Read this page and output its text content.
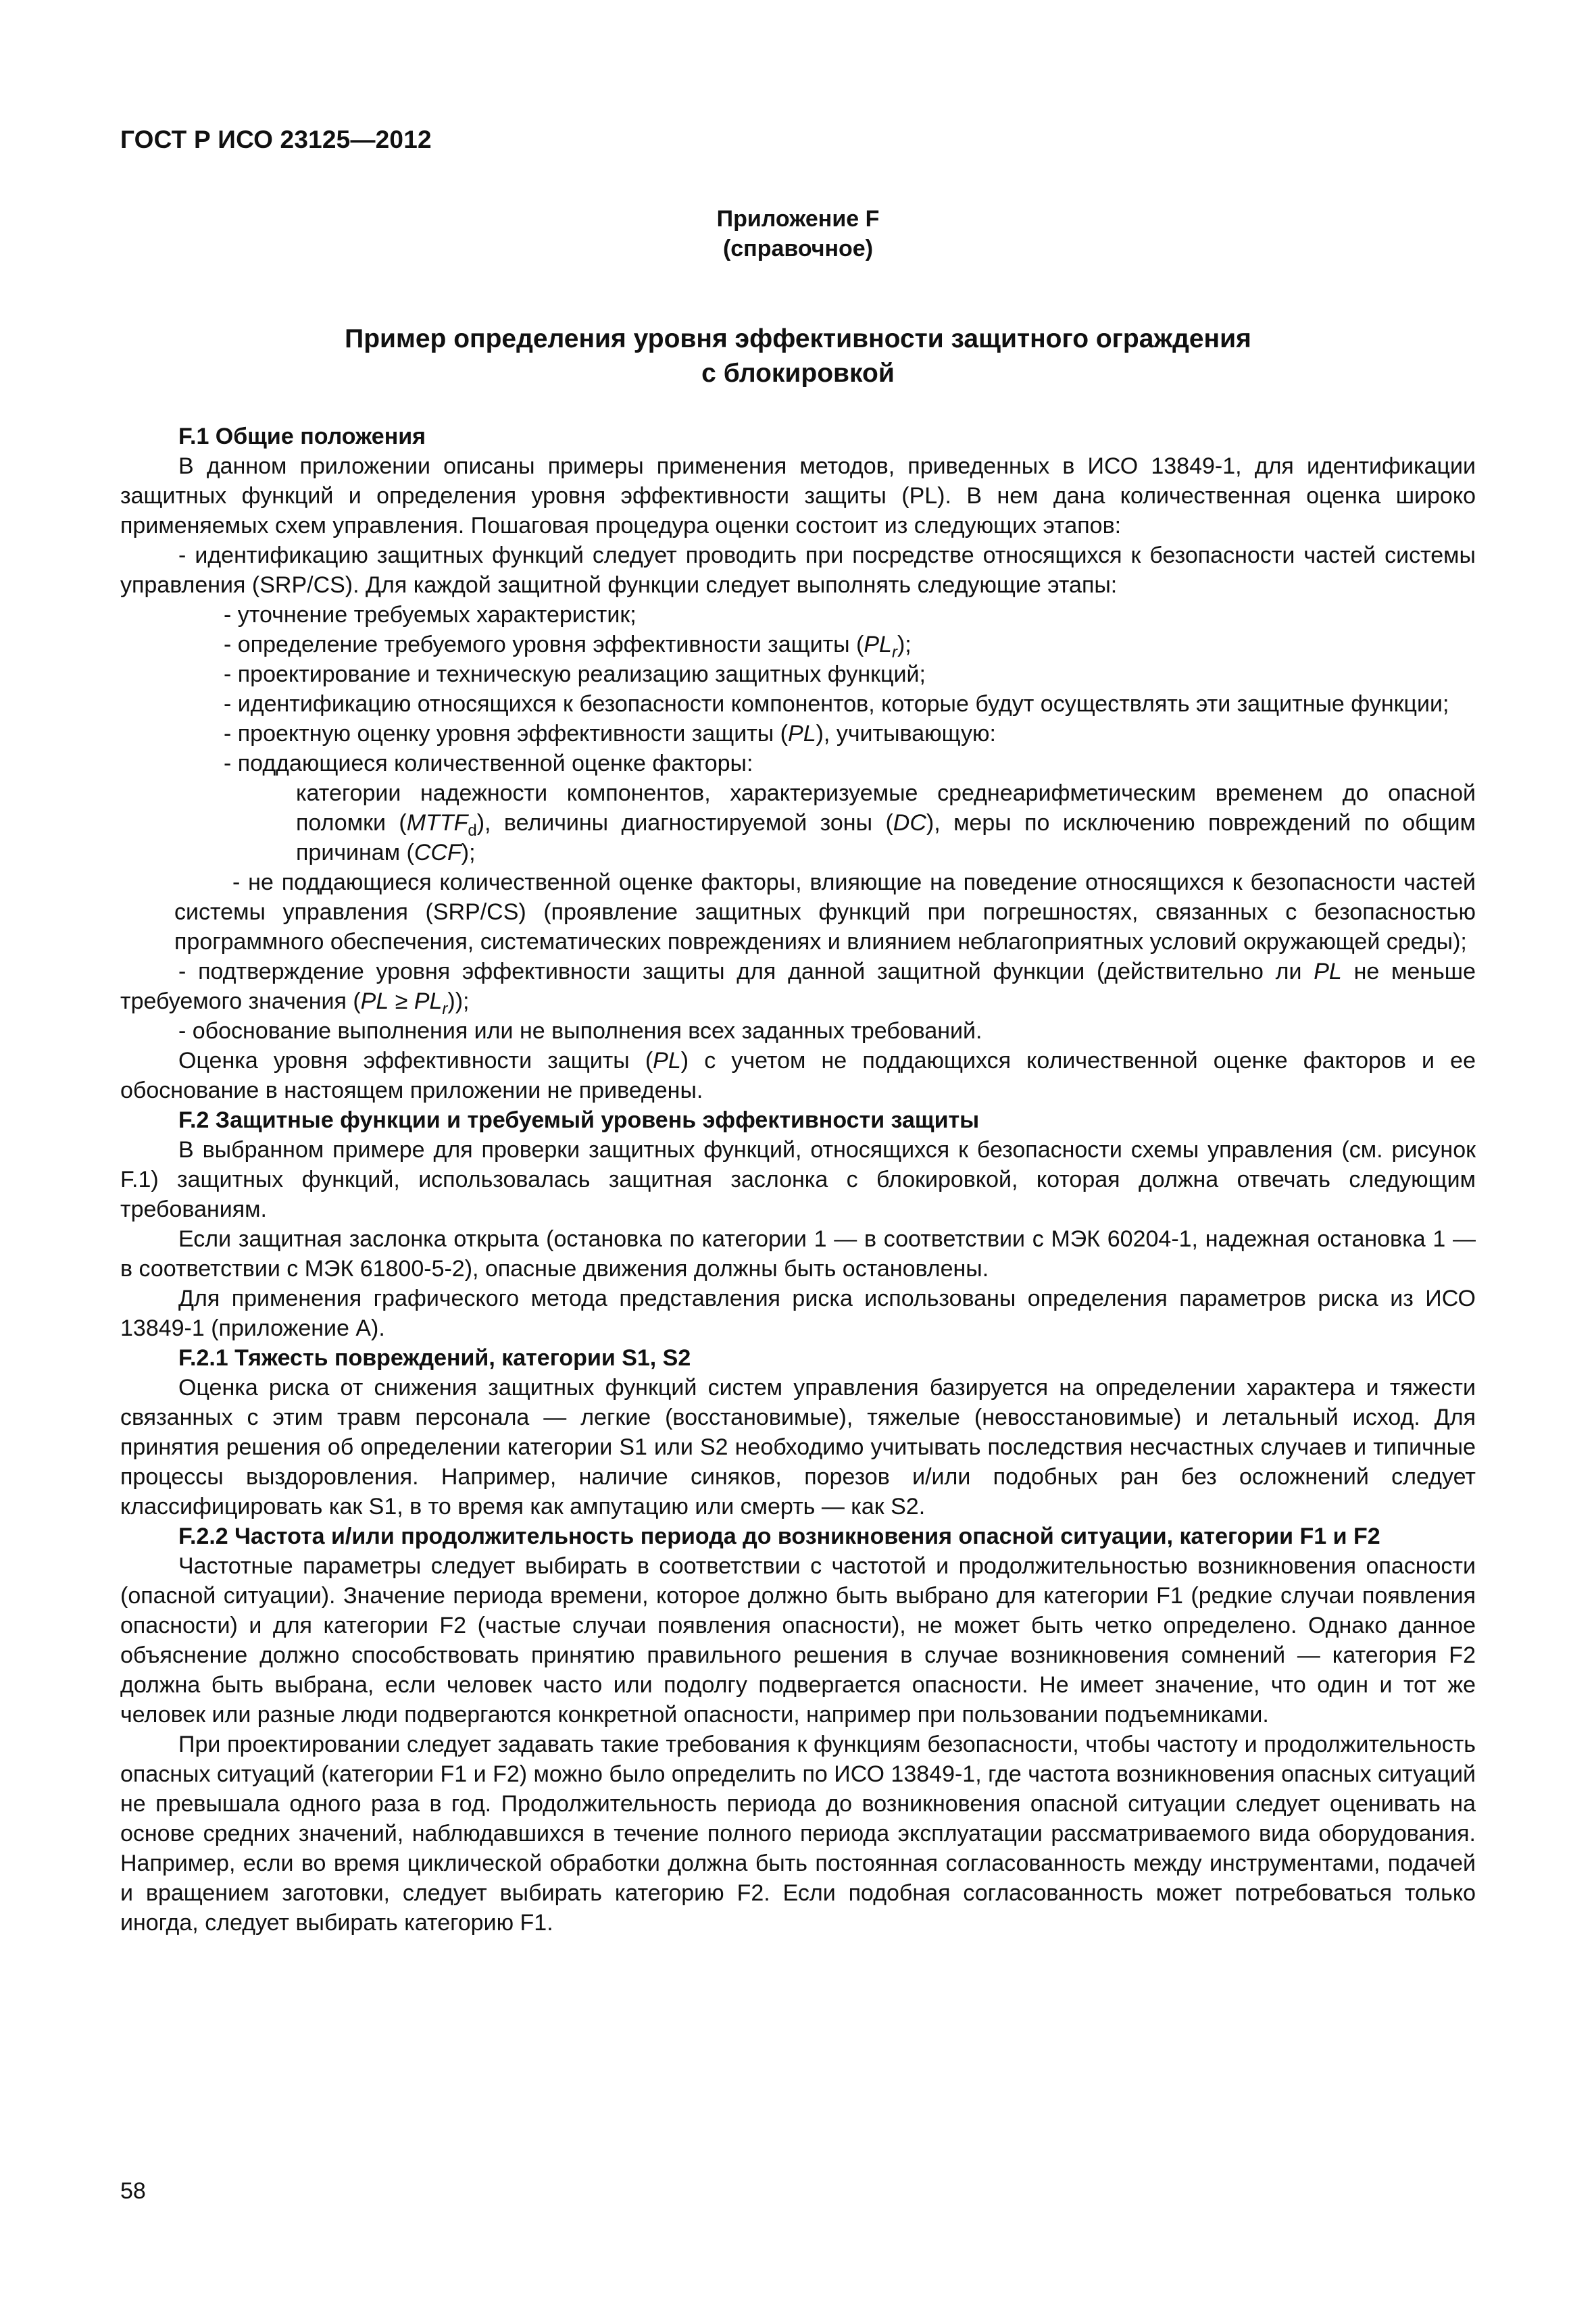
ГОСТ Р ИСО 23125—2012
Приложение F
(справочное)
Пример определения уровня эффективности защитного ограждения
с блокировкой

F.1 Общие положения

В данном приложении описаны примеры применения методов, приведенных в ИСО 13849-1, для идентификации защитных функций и определения уровня эффективности защиты (PL). В нем дана количественная оценка широко применяемых схем управления. Пошаговая процедура оценки состоит из следующих этапов:

- идентификацию защитных функций следует проводить при посредстве относящихся к безопасности частей системы управления (SRP/CS). Для каждой защитной функции следует выполнять следующие этапы:

- уточнение требуемых характеристик;

- определение требуемого уровня эффективности защиты $(PL_r)$;

- проектирование и техническую реализацию защитных функций;

- идентификацию относящихся к безопасности компонентов, которые будут осуществлять эти защитные функции;

- проектную оценку уровня эффективности защиты (PL), учитывающую:

- поддающиеся количественной оценке факторы:

категории надежности компонентов, характеризуемые среднеарифметическим временем до опасной поломки $(MTTF_d)$, величины диагностируемой зоны (DC), меры по исключению повреждений по общим причинам (CCF);

- не поддающиеся количественной оценке факторы, влияющие на поведение относящихся к безопасности частей системы управления (SRP/CS) (проявление защитных функций при погрешностях, связанных с безопасностью программного обеспечения, систематических повреждениях и влиянием неблагоприятных условий окружающей среды);

- подтверждение уровня эффективности защиты для данной защитной функции (действительно ли PL не меньше требуемого значения $(PL \ge PL_r)$);

- обоснование выполнения или не выполнения всех заданных требований.

Оценка уровня эффективности защиты (PL) с учетом не поддающихся количественной оценке факторов и ее обоснование в настоящем приложении не приведены.

F.2 Защитные функции и требуемый уровень эффективности защиты

В выбранном примере для проверки защитных функций, относящихся к безопасности схемы управления (см. рисунок F.1) защитных функций, использовалась защитная заслонка с блокировкой, которая должна отвечать следующим требованиям.

Если защитная заслонка открыта (остановка по категории 1 — в соответствии с МЭК 60204-1, надежная остановка 1 — в соответствии с МЭК 61800-5-2), опасные движения должны быть остановлены.

Для применения графического метода представления риска использованы определения параметров риска из ИСО 13849-1 (приложение А).

F.2.1 Тяжесть повреждений, категории S1, S2

Оценка риска от снижения защитных функций систем управления базируется на определении характера и тяжести связанных с этим травм персонала — легкие (восстановимые), тяжелые (невосстановимые) и летальный исход. Для принятия решения об определении категории S1 или S2 необходимо учитывать последствия несчастных случаев и типичные процессы выздоровления. Например, наличие синяков, порезов и/или подобных ран без осложнений следует классифицировать как S1, в то время как ампутацию или смерть — как S2.

F.2.2 Частота и/или продолжительность периода до возникновения опасной ситуации, категории F1 и F2

Частотные параметры следует выбирать в соответствии с частотой и продолжительностью возникновения опасности (опасной ситуации). Значение периода времени, которое должно быть выбрано для категории F1 (редкие случаи появления опасности) и для категории F2 (частые случаи появления опасности), не может быть четко определено. Однако данное объяснение должно способствовать принятию правильного решения в случае возникновения сомнений — категория F2 должна быть выбрана, если человек часто или подолгу подвергается опасности. Не имеет значение, что один и тот же человек или разные люди подвергаются конкретной опасности, например при пользовании подъемниками.

При проектировании следует задавать такие требования к функциям безопасности, чтобы частоту и продолжительность опасных ситуаций (категории F1 и F2) можно было определить по ИСО 13849-1, где частота возникновения опасных ситуаций не превышала одного раза в год. Продолжительность периода до возникновения опасной ситуации следует оценивать на основе средних значений, наблюдавшихся в течение полного периода эксплуатации рассматриваемого вида оборудования. Например, если во время циклической обработки должна быть постоянная согласованность между инструментами, подачей и вращением заготовки, следует выбирать категорию F2. Если подобная согласованность может потребоваться только иногда, следует выбирать категорию F1.

58
